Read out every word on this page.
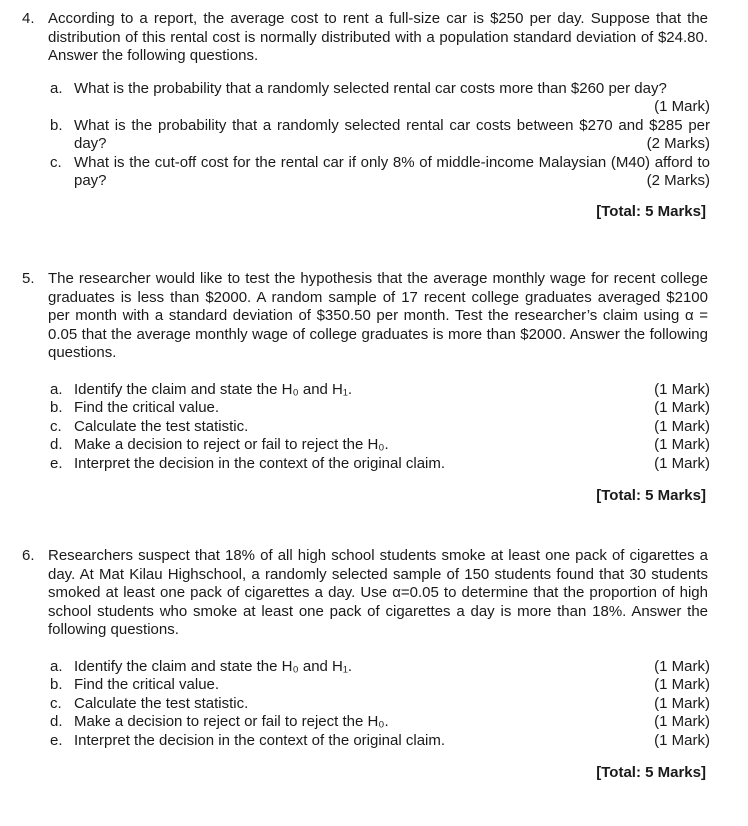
4. According to a report, the average cost to rent a full-size car is $250 per day. Suppose that the distribution of this rental cost is normally distributed with a population standard deviation of $24.80. Answer the following questions.
a. What is the probability that a randomly selected rental car costs more than $260 per day?
(1 Mark)
b. What is the probability that a randomly selected rental car costs between $270 and $285 per day?	(2 Marks)
c. What is the cut-off cost for the rental car if only 8% of middle-income Malaysian (M40) afford to pay?	(2 Marks)
[Total: 5 Marks]
5. The researcher would like to test the hypothesis that the average monthly wage for recent college graduates is less than $2000. A random sample of 17 recent college graduates averaged $2100 per month with a standard deviation of $350.50 per month. Test the researcher’s claim using α = 0.05 that the average monthly wage of college graduates is more than $2000. Answer the following questions.
a. Identify the claim and state the H₀ and H₁.	(1 Mark)
b. Find the critical value.	(1 Mark)
c. Calculate the test statistic.	(1 Mark)
d. Make a decision to reject or fail to reject the H₀.	(1 Mark)
e. Interpret the decision in the context of the original claim.	(1 Mark)
[Total: 5 Marks]
6. Researchers suspect that 18% of all high school students smoke at least one pack of cigarettes a day. At Mat Kilau Highschool, a randomly selected sample of 150 students found that 30 students smoked at least one pack of cigarettes a day. Use α=0.05 to determine that the proportion of high school students who smoke at least one pack of cigarettes a day is more than 18%. Answer the following questions.
a. Identify the claim and state the H₀ and H₁.	(1 Mark)
b. Find the critical value.	(1 Mark)
c. Calculate the test statistic.	(1 Mark)
d. Make a decision to reject or fail to reject the H₀.	(1 Mark)
e. Interpret the decision in the context of the original claim.	(1 Mark)
[Total: 5 Marks]
